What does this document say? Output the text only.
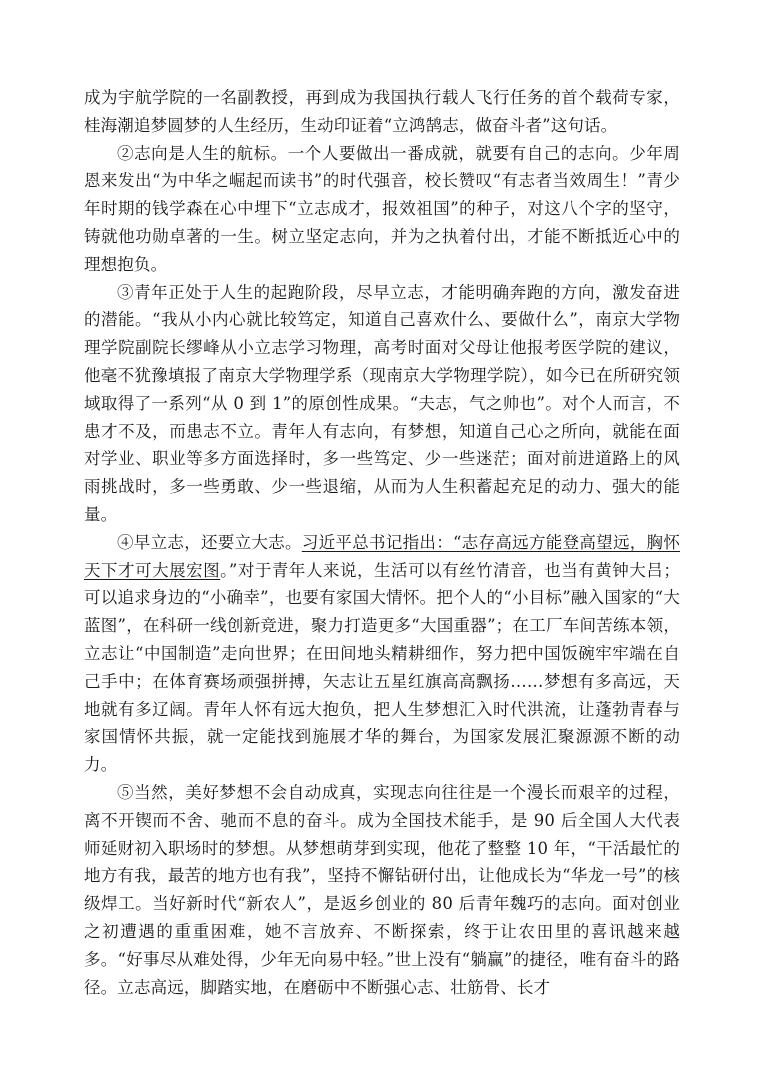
成为宇航学院的一名副教授，再到成为我国执行载人飞行任务的首个载荷专家，桂海潮追梦圆梦的人生经历，生动印证着“立鸿鹄志，做奋斗者”这句话。

②志向是人生的航标。一个人要做出一番成就，就要有自己的志向。少年周恩来发出“为中华之崛起而读书”的时代强音，校长赞叹“有志者当效周生！”青少年时期的钱学森在心中埋下“立志成才，报效祖国”的种子，对这八个字的坚守，铸就他功勋卓著的一生。树立坚定志向，并为之执着付出，才能不断抵近心中的理想抱负。

③青年正处于人生的起跑阶段，尽早立志，才能明确奔跑的方向，激发奋进的潜能。“我从小内心就比较笃定，知道自己喜欢什么、要做什么”，南京大学物理学院副院长缪峰从小立志学习物理，高考时面对父母让他报考医学院的建议，他毫不犹豫填报了南京大学物理学系（现南京大学物理学院），如今已在所研究领域取得了一系列“从 0 到 1”的原创性成果。“夫志，气之帅也”。对个人而言，不患才不及，而患志不立。青年人有志向，有梦想，知道自己心之所向，就能在面对学业、职业等多方面选择时，多一些笃定、少一些迷茫；面对前进道路上的风雨挑战时，多一些勇敢、少一些退缩，从而为人生积蓄起充足的动力、强大的能量。

④早立志，还要立大志。习近平总书记指出：“志存高远方能登高望远，胸怀天下才可大展宏图。”对于青年人来说，生活可以有丝竹清音，也当有黄钟大吕；可以追求身边的“小确幸”，也要有家国大情怀。把个人的“小目标”融入国家的“大蓝图”，在科研一线创新竞进，聚力打造更多“大国重器”；在工厂车间苦练本领，立志让“中国制造”走向世界；在田间地头精耕细作，努力把中国饭碗牢牢端在自己手中；在体育赛场顽强拼搏，矢志让五星红旗高高飘扬……梦想有多高远，天地就有多辽阔。青年人怀有远大抱负，把人生梦想汇入时代洪流，让蓬勃青春与家国情怀共振，就一定能找到施展才华的舞台，为国家发展汇聚源源不断的动力。

⑤当然，美好梦想不会自动成真，实现志向往往是一个漫长而艰辛的过程，离不开锲而不舍、驰而不息的奋斗。成为全国技术能手，是 90 后全国人大代表师延财初入职场时的梦想。从梦想萌芽到实现，他花了整整 10 年，“干活最忙的地方有我，最苦的地方也有我”，坚持不懈钻研付出，让他成长为“华龙一号”的核级焊工。当好新时代“新农人”，是返乡创业的 80 后青年魏巧的志向。面对创业之初遭遇的重重困难，她不言放弃、不断探索，终于让农田里的喜讯越来越多。“好事尽从难处得，少年无向易中轻。”世上没有“躺赢”的捷径，唯有奋斗的路径。立志高远，脚踏实地，在磨砺中不断强心志、壮筋骨、长才
